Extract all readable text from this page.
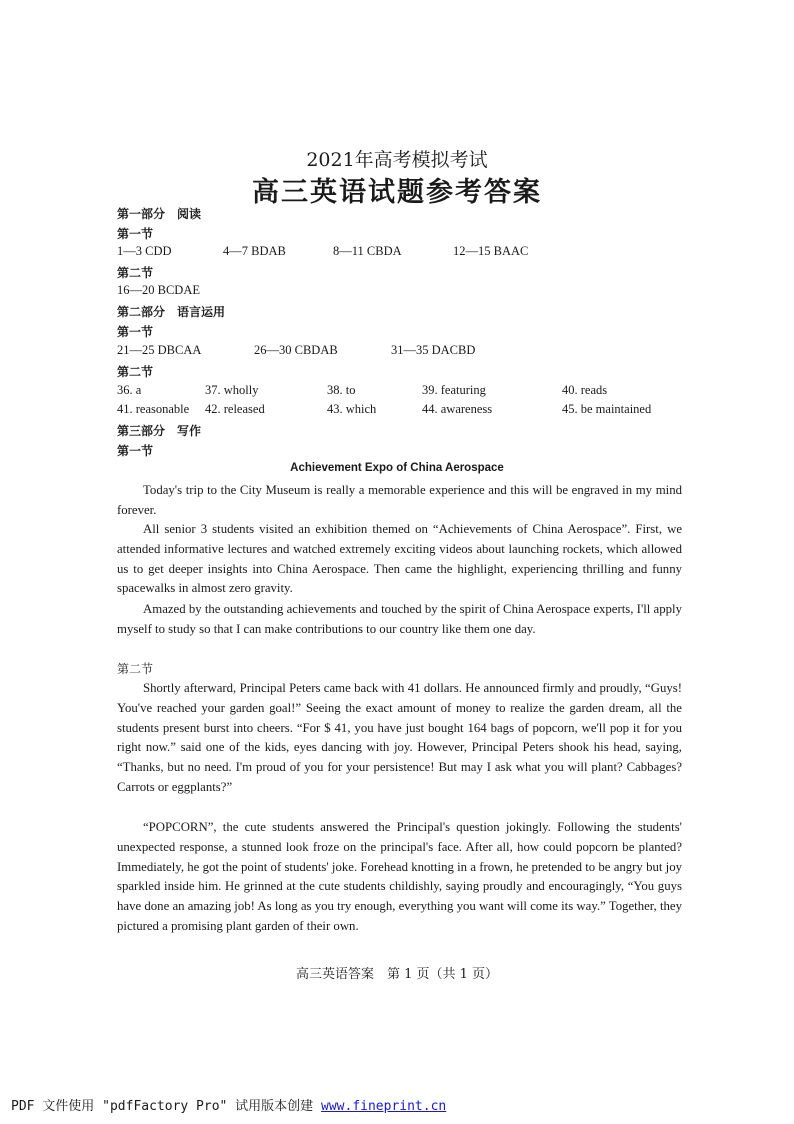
2021年高考模拟考试
高三英语试题参考答案
第一部分　阅读
第一节
1—3 CDD	4—7 BDAB	8—11 CBDA	12—15 BAAC
第二节
16—20 BCDAE
第二部分　语言运用
第一节
21—25 DBCAA	26—30 CBDAB	31—35 DACBD
第二节
36. a	37. wholly	38. to	39. featuring	40. reads
41. reasonable 42. released	43. which	44. awareness	45. be maintained
第三部分　写作
第一节
Achievement Expo of China Aerospace

Today's trip to the City Museum is really a memorable experience and this will be engraved in my mind forever.

All senior 3 students visited an exhibition themed on “Achievements of China Aerospace”. First, we attended informative lectures and watched extremely exciting videos about launching rockets, which allowed us to get deeper insights into China Aerospace. Then came the highlight, experiencing thrilling and funny spacewalks in almost zero gravity.

Amazed by the outstanding achievements and touched by the spirit of China Aerospace experts, I'll apply myself to study so that I can make contributions to our country like them one day.

第二节

Shortly afterward, Principal Peters came back with 41 dollars. He announced firmly and proudly, “Guys! You've reached your garden goal!” Seeing the exact amount of money to realize the garden dream, all the students present burst into cheers. “For $ 41, you have just bought 164 bags of popcorn, we'll pop it for you right now.” said one of the kids, eyes dancing with joy. However, Principal Peters shook his head, saying, “Thanks, but no need. I'm proud of you for your persistence! But may I ask what you will plant? Cabbages? Carrots or eggplants?”

“POPCORN”, the cute students answered the Principal's question jokingly. Following the students' unexpected response, a stunned look froze on the principal's face. After all, how could popcorn be planted? Immediately, he got the point of students' joke. Forehead knotting in a frown, he pretended to be angry but joy sparkled inside him. He grinned at the cute students childishly, saying proudly and encouragingly, “You guys have done an amazing job! As long as you try enough, everything you want will come its way.” Together, they pictured a promising plant garden of their own.

高三英语答案　第 1 页（共 1 页）
PDF 文件使用 "pdfFactory Pro" 试用版本创建 www.fineprint.cn
